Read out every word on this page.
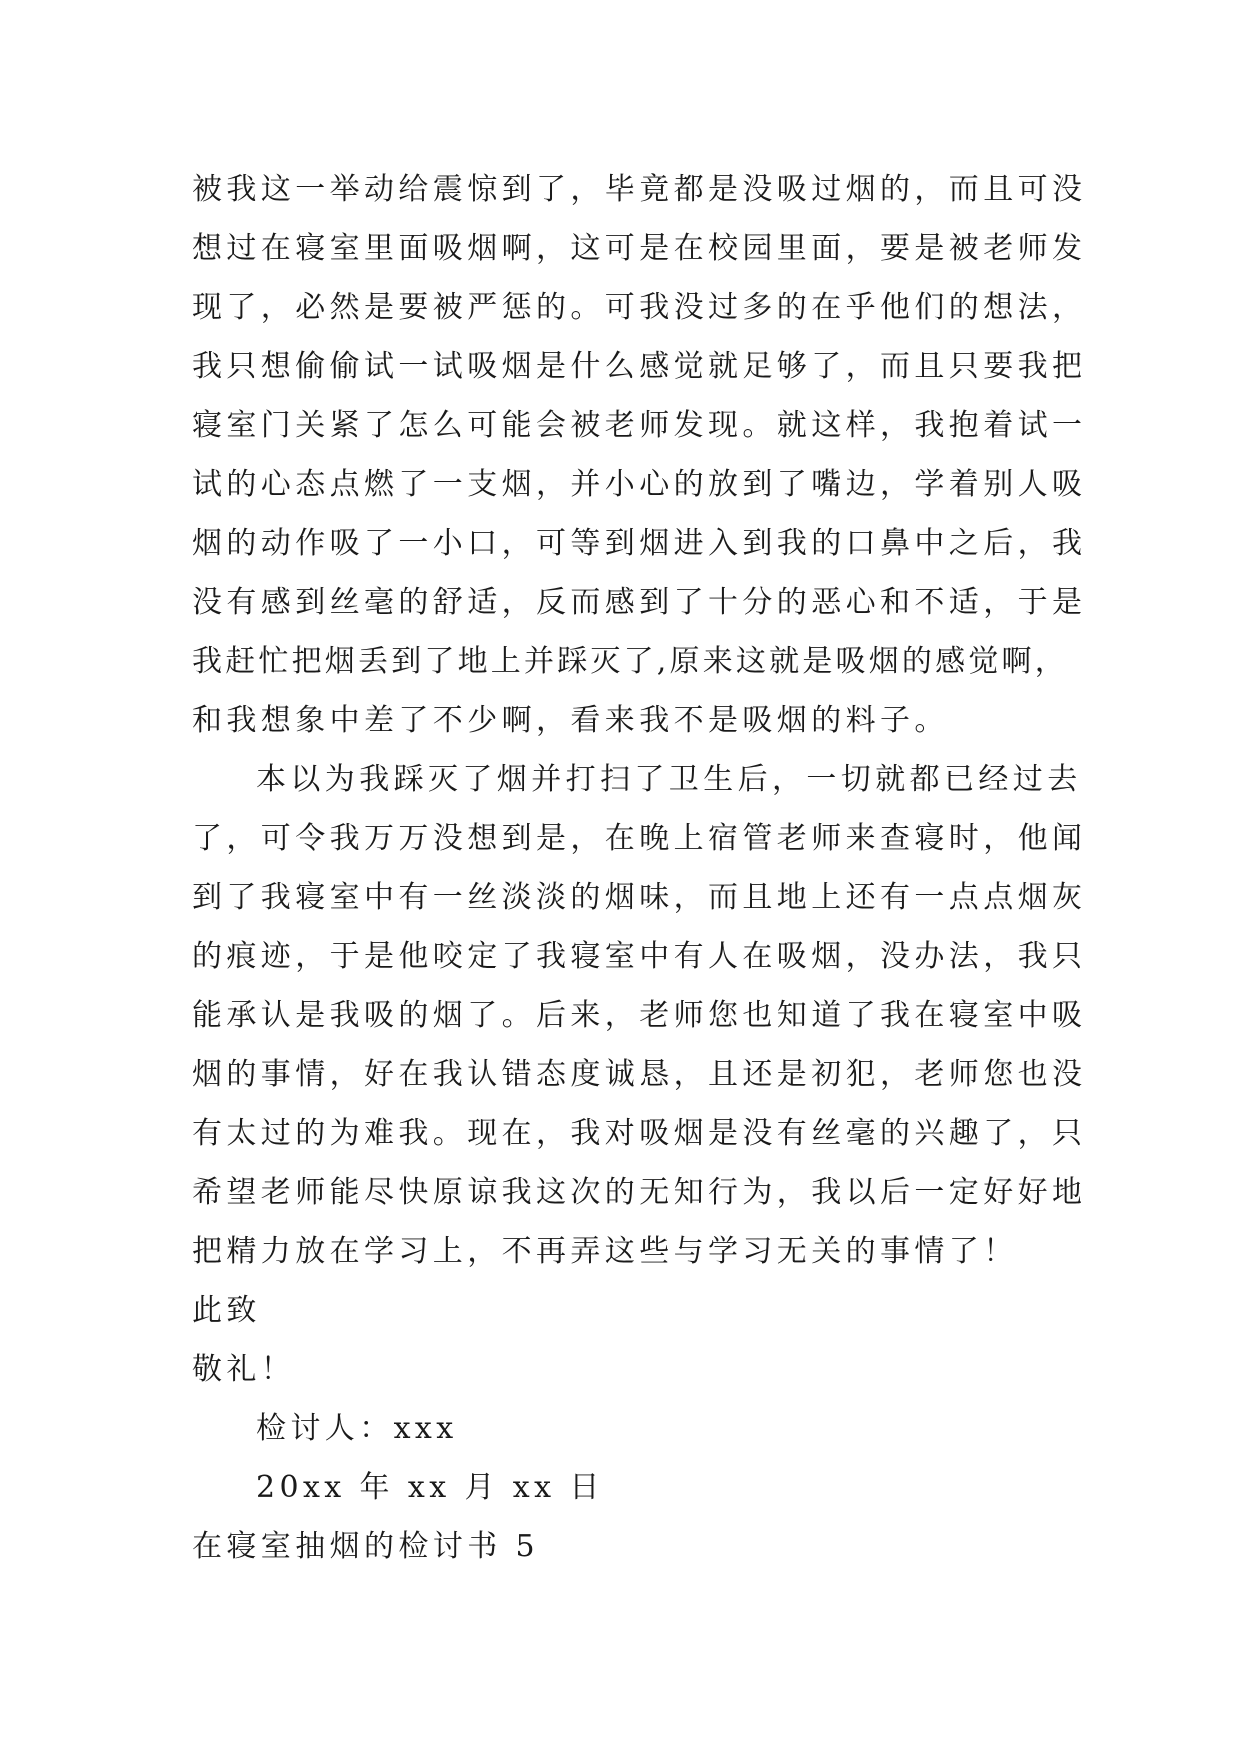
被我这一举动给震惊到了，毕竟都是没吸过烟的，而且可没
想过在寝室里面吸烟啊，这可是在校园里面，要是被老师发
现了，必然是要被严惩的。可我没过多的在乎他们的想法，
我只想偷偷试一试吸烟是什么感觉就足够了，而且只要我把
寝室门关紧了怎么可能会被老师发现。就这样，我抱着试一
试的心态点燃了一支烟，并小心的放到了嘴边，学着别人吸
烟的动作吸了一小口，可等到烟进入到我的口鼻中之后，我
没有感到丝毫的舒适，反而感到了十分的恶心和不适，于是
我赶忙把烟丢到了地上并踩灭了,原来这就是吸烟的感觉啊，
和我想象中差了不少啊，看来我不是吸烟的料子。
本以为我踩灭了烟并打扫了卫生后，一切就都已经过去
了，可令我万万没想到是，在晚上宿管老师来查寝时，他闻
到了我寝室中有一丝淡淡的烟味，而且地上还有一点点烟灰
的痕迹，于是他咬定了我寝室中有人在吸烟，没办法，我只
能承认是我吸的烟了。后来，老师您也知道了我在寝室中吸
烟的事情，好在我认错态度诚恳，且还是初犯，老师您也没
有太过的为难我。现在，我对吸烟是没有丝毫的兴趣了，只
希望老师能尽快原谅我这次的无知行为，我以后一定好好地
把精力放在学习上，不再弄这些与学习无关的事情了！
此致
敬礼！
检讨人：xxx
20xx 年 xx 月 xx 日
在寝室抽烟的检讨书 5
